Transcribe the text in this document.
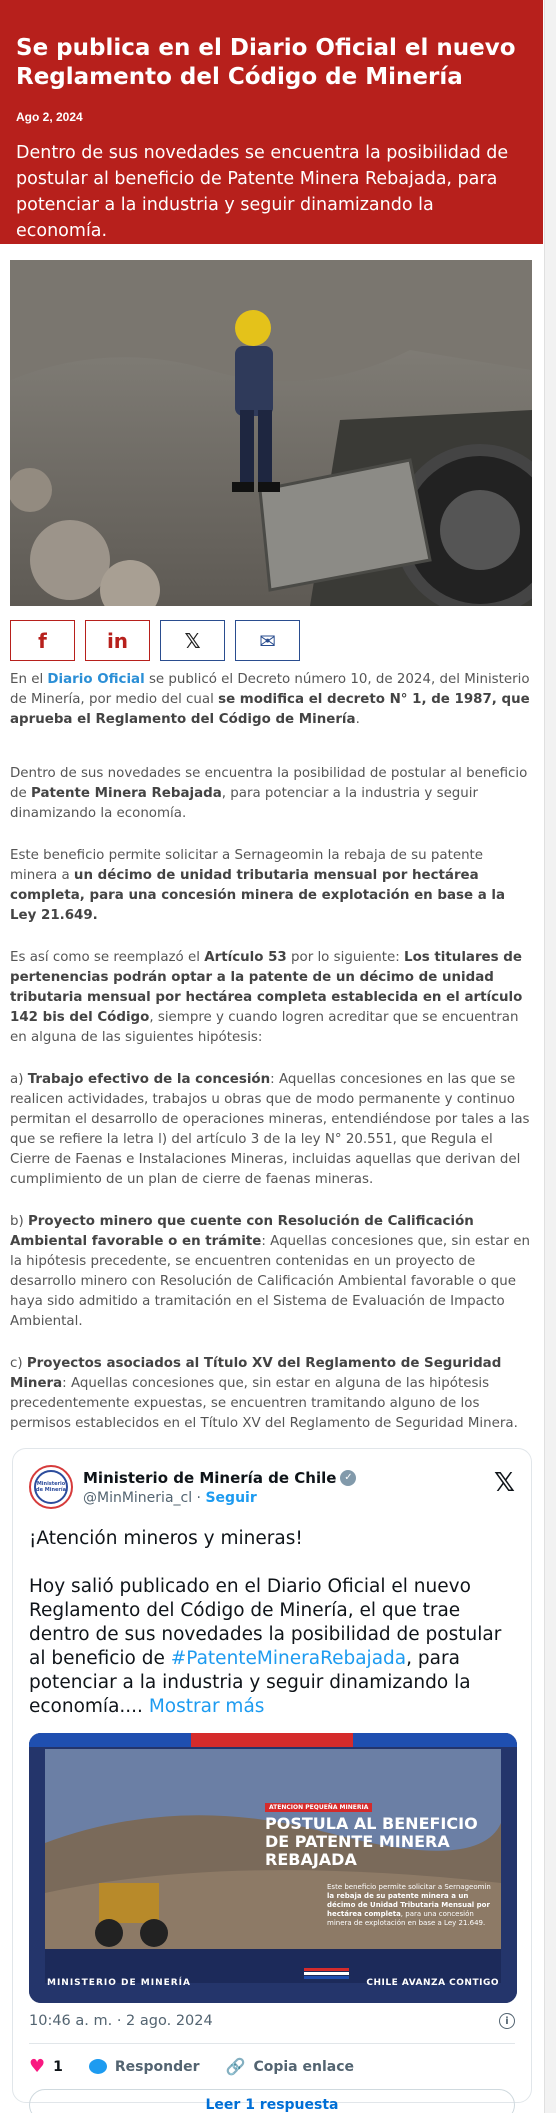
Se publica en el Diario Oficial el nuevo Reglamento del Código de Minería
Ago 2, 2024

Dentro de sus novedades se encuentra la posibilidad de postular al beneficio de Patente Minera Rebajada, para potenciar a la industria y seguir dinamizando la economía.

f	in	𝕏	✉

En el Diario Oficial se publicó el Decreto número 10, de 2024, del Ministerio de Minería, por medio del cual se modifica el decreto N° 1, de 1987, que aprueba el Reglamento del Código de Minería.

Dentro de sus novedades se encuentra la posibilidad de postular al beneficio de Patente Minera Rebajada, para potenciar a la industria y seguir dinamizando la economía.

Este beneficio permite solicitar a Sernageomin la rebaja de su patente minera a un décimo de unidad tributaria mensual por hectárea completa, para una concesión minera de explotación en base a la Ley 21.649.

Es así como se reemplazó el Artículo 53 por lo siguiente: Los titulares de pertenencias podrán optar a la patente de un décimo de unidad tributaria mensual por hectárea completa establecida en el artículo 142 bis del Código, siempre y cuando logren acreditar que se encuentran en alguna de las siguientes hipótesis:

a) Trabajo efectivo de la concesión: Aquellas concesiones en las que se realicen actividades, trabajos u obras que de modo permanente y continuo permitan el desarrollo de operaciones mineras, entendiéndose por tales a las que se refiere la letra l) del artículo 3 de la ley N° 20.551, que Regula el Cierre de Faenas e Instalaciones Mineras, incluidas aquellas que derivan del
cumplimiento de un plan de cierre de faenas mineras.

b) Proyecto minero que cuente con Resolución de Calificación Ambiental favorable o en trámite: Aquellas concesiones que, sin estar en la hipótesis precedente, se encuentren contenidas en un proyecto de desarrollo minero con Resolución de Calificación Ambiental favorable o que haya sido admitido a tramitación en el Sistema de Evaluación de Impacto Ambiental.

c) Proyectos asociados al Título XV del Reglamento de Seguridad Minera: Aquellas concesiones que, sin estar en alguna de las hipótesis precedentemente expuestas, se encuentren tramitando alguno de los permisos establecidos en el Título XV del Reglamento de Seguridad Minera.

Ministerio de Minería
Ministerio de Minería de Chile ✓
@MinMineria_cl · Seguir	𝕏
¡Atención mineros y mineras!

Hoy salió publicado en el Diario Oficial el nuevo Reglamento del Código de Minería, el que trae dentro de sus novedades la posibilidad de postular al beneficio de #PatenteMineraRebajada, para potenciar a la industria y seguir dinamizando la economía.... Mostrar más
ATENCION PEQUEÑA MINERIA
POSTULA AL BENEFICIO DE PATENTE MINERA REBAJADA
Este beneficio permite solicitar a Sernageomin la rebaja de su patente minera a un décimo de Unidad Tributaria Mensual por hectárea completa, para una concesión minera de explotación en base a Ley 21.649.
MINISTERIO DE MINERÍA	CHILE AVANZA CONTIGO
10:46 a. m. · 2 ago. 2024	i
♥ 1	Responder 🔗 Copia enlace
Leer 1 respuesta
